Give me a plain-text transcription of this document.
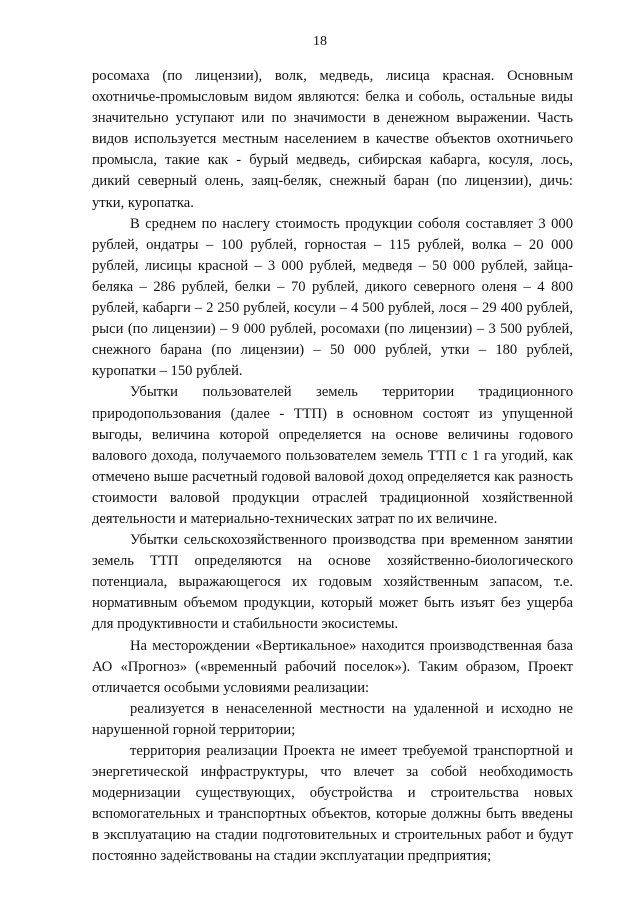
18

росомаха (по лицензии), волк, медведь, лисица красная. Основным охотничье-промысловым видом являются: белка и соболь, остальные виды значительно уступают или по значимости в денежном выражении. Часть видов используется местным населением в качестве объектов охотничьего промысла, такие как - бурый медведь, сибирская кабарга, косуля, лось, дикий северный олень, заяц-беляк, снежный баран (по лицензии), дичь: утки, куропатка.

В среднем по наслегу стоимость продукции соболя составляет 3 000 рублей, ондатры – 100 рублей, горностая – 115 рублей, волка – 20 000 рублей, лисицы красной – 3 000 рублей, медведя – 50 000 рублей, зайца-беляка – 286 рублей, белки – 70 рублей, дикого северного оленя – 4 800 рублей, кабарги – 2 250 рублей, косули – 4 500 рублей, лося – 29 400 рублей, рыси (по лицензии) – 9 000 рублей, росомахи (по лицензии) – 3 500 рублей, снежного барана (по лицензии) – 50 000 рублей, утки – 180 рублей, куропатки – 150 рублей.

Убытки пользователей земель территории традиционного природопользования (далее - ТТП) в основном состоят из упущенной выгоды, величина которой определяется на основе величины годового валового дохода, получаемого пользователем земель ТТП с 1 га угодий, как отмечено выше расчетный годовой валовой доход определяется как разность стоимости валовой продукции отраслей традиционной хозяйственной деятельности и материально-технических затрат по их величине.

Убытки сельскохозяйственного производства при временном занятии земель ТТП определяются на основе хозяйственно-биологического потенциала, выражающегося их годовым хозяйственным запасом, т.е. нормативным объемом продукции, который может быть изъят без ущерба для продуктивности и стабильности экосистемы.

На месторождении «Вертикальное» находится производственная база АО «Прогноз» («временный рабочий поселок»). Таким образом, Проект отличается особыми условиями реализации:

реализуется в ненаселенной местности на удаленной и исходно не нарушенной горной территории;

территория реализации Проекта не имеет требуемой транспортной и энергетической инфраструктуры, что влечет за собой необходимость модернизации существующих, обустройства и строительства новых вспомогательных и транспортных объектов, которые должны быть введены в эксплуатацию на стадии подготовительных и строительных работ и будут постоянно задействованы на стадии эксплуатации предприятия;
